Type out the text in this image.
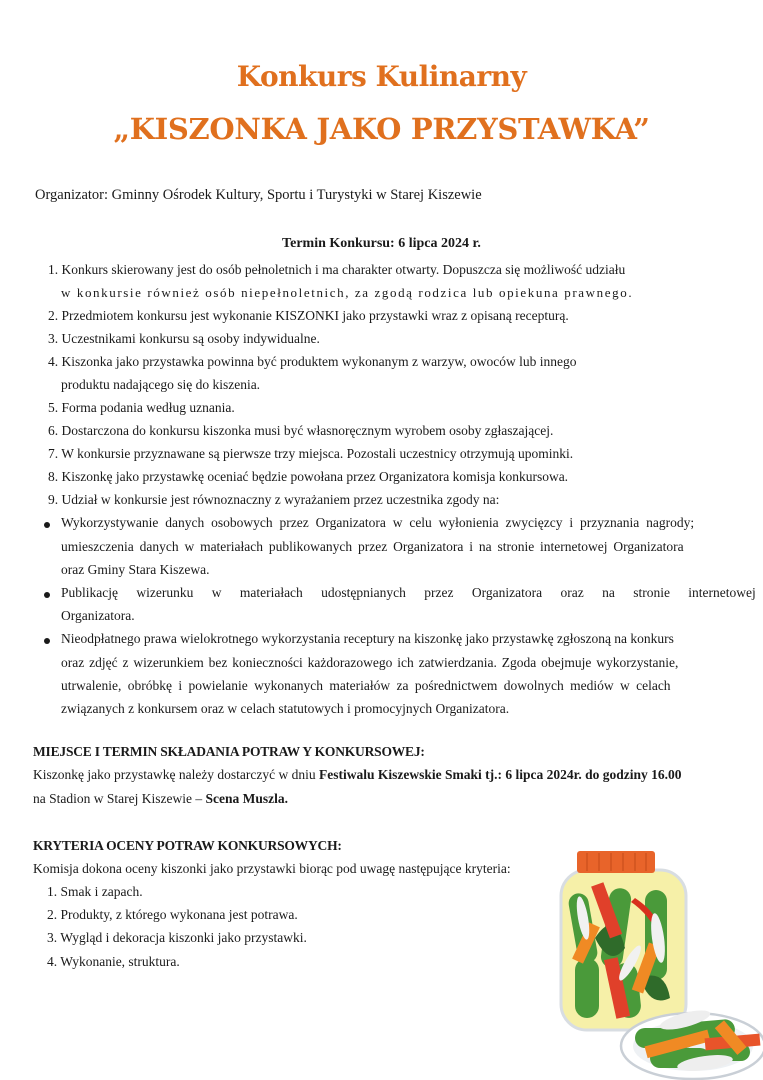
Konkurs Kulinarny
„KISZONKA JAKO PRZYSTAWKA”
Organizator: Gminny Ośrodek Kultury, Sportu i Turystyki w Starej Kiszewie
Termin Konkursu: 6 lipca 2024 r.
1. Konkurs skierowany jest do osób pełnoletnich i ma charakter otwarty. Dopuszcza się możliwość udziału
w konkursie również osób niepełnoletnich, za zgodą rodzica lub opiekuna prawnego.
2. Przedmiotem konkursu jest wykonanie KISZONKI jako przystawki wraz z opisaną recepturą.
3. Uczestnikami konkursu są osoby indywidualne.
4. Kiszonka jako przystawka powinna być produktem wykonanym z warzyw, owoców lub innego
produktu nadającego się do kiszenia.
5. Forma podania według uznania.
6. Dostarczona do konkursu kiszonka musi być własnoręcznym wyrobem osoby zgłaszającej.
7. W konkursie przyznawane są pierwsze trzy miejsca. Pozostali uczestnicy otrzymują upominki.
8. Kiszonkę jako przystawkę oceniać będzie powołana przez Organizatora komisja konkursowa.
9. Udział w konkursie jest równoznaczny z wyrażaniem przez uczestnika zgody na:
Wykorzystywanie danych osobowych przez Organizatora w celu wyłonienia zwycięzcy i przyznania nagrody;
umieszczenia danych w materiałach publikowanych przez Organizatora i na stronie internetowej Organizatora
oraz Gminy Stara Kiszewa.
Publikację wizerunku w materiałach udostępnianych przez Organizatora oraz na stronie internetowej
Organizatora.
Nieodpłatnego prawa wielokrotnego wykorzystania receptury na kiszonkę jako przystawkę zgłoszoną na konkurs
oraz zdjęć z wizerunkiem bez konieczności każdorazowego ich zatwierdzania. Zgoda obejmuje wykorzystanie,
utrwalenie, obróbkę i powielanie wykonanych materiałów za pośrednictwem dowolnych mediów w celach
związanych z konkursem oraz w celach statutowych i promocyjnych Organizatora.
MIEJSCE I TERMIN SKŁADANIA POTRAW Y KONKURSOWEJ:
Kiszonkę jako przystawkę należy dostarczyć w dniu Festiwalu Kiszewskie Smaki tj.: 6 lipca 2024r. do godziny 16.00
na Stadion w Starej Kiszewie – Scena Muszla.
KRYTERIA OCENY POTRAW KONKURSOWYCH:
Komisja dokona oceny kiszonki jako przystawki biorąc pod uwagę następujące kryteria:
1. Smak i zapach.
2. Produkty, z którego wykonana jest potrawa.
3. Wygląd i dekoracja kiszonki jako przystawki.
4. Wykonanie, struktura.
